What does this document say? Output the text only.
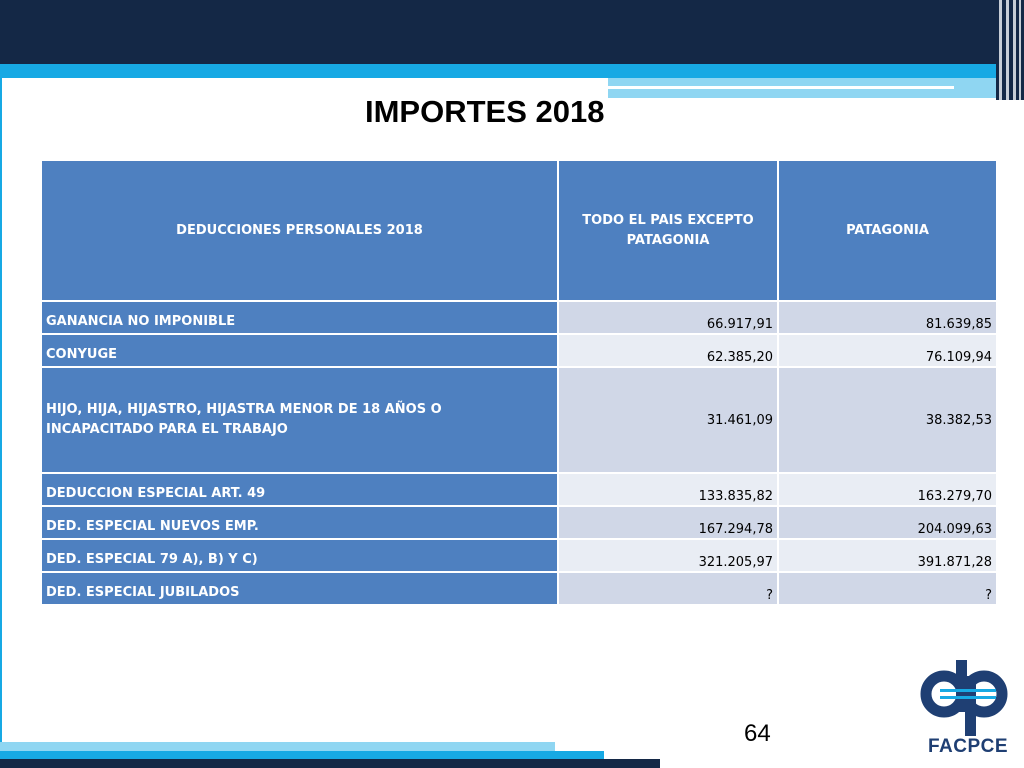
IMPORTES 2018
DEDUCCIONES PERSONALES 2018	TODO EL PAIS EXCEPTO PATAGONIA	PATAGONIA
GANANCIA NO IMPONIBLE	66.917,91	81.639,85
CONYUGE	62.385,20	76.109,94
HIJO, HIJA, HIJASTRO, HIJASTRA MENOR DE 18 AÑOS O INCAPACITADO PARA EL TRABAJO	31.461,09	38.382,53
DEDUCCION ESPECIAL ART. 49	133.835,82	163.279,70
DED. ESPECIAL NUEVOS EMP.	167.294,78	204.099,63
DED. ESPECIAL 79 A), B) Y C)	321.205,97	391.871,28
DED. ESPECIAL JUBILADOS	?	?
64	FACPCE
